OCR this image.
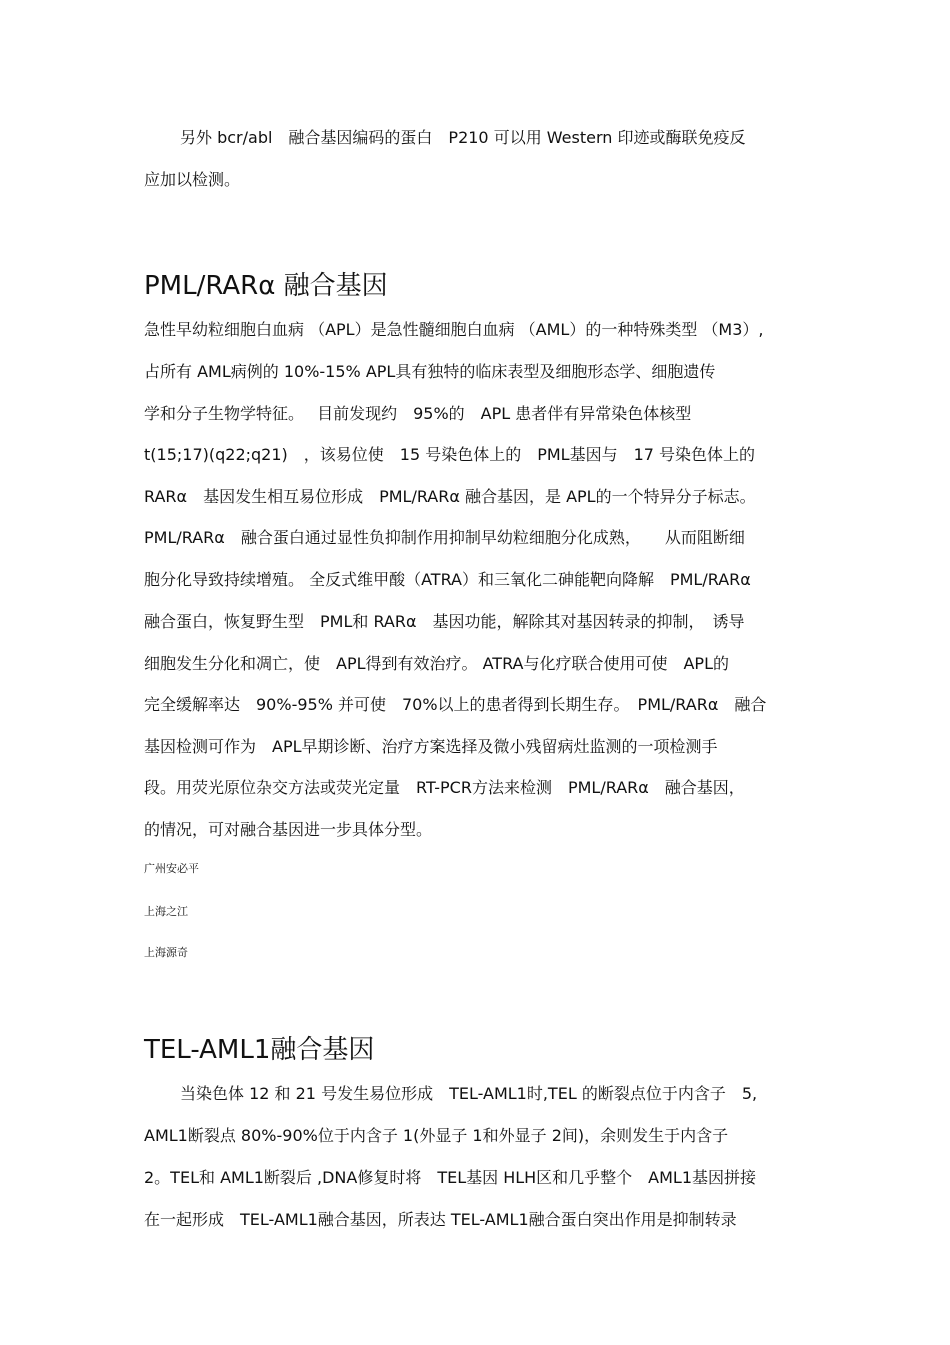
另外 bcr/abl　融合基因编码的蛋白　P210 可以用 Western 印迹或酶联免疫反
应加以检测。
PML/RARα 融合基因
急性早幼粒细胞白血病 （APL）是急性髓细胞白血病 （AML）的一种特殊类型 （M3）,
占所有 AML病例的 10%-15% APL具有独特的临床表型及细胞形态学、细胞遗传
学和分子生物学特征。　 目前发现约　95%的　APL 患者伴有异常染色体核型
t(15;17)(q22;q21)　，该易位使　15 号染色体上的　PML基因与　17 号染色体上的
RARα　基因发生相互易位形成　PML/RARα 融合基因，是 APL的一个特异分子标志。
PML/RARα　融合蛋白通过显性负抑制作用抑制早幼粒细胞分化成熟，　　从而阻断细
胞分化导致持续增殖。 全反式维甲酸（ATRA）和三氧化二砷能靶向降解　PML/RARα
融合蛋白，恢复野生型　PML和 RARα　基因功能，解除其对基因转录的抑制，　诱导
细胞发生分化和凋亡，使　APL得到有效治疗。 ATRA与化疗联合使用可使　APL的
完全缓解率达　90%-95% 并可使　70%以上的患者得到长期生存。　PML/RARα　融合
基因检测可作为　APL早期诊断、治疗方案选择及微小残留病灶监测的一项检测手
段。用荧光原位杂交方法或荧光定量　RT-PCR方法来检测　PML/RARα　融合基因，
的情况，可对融合基因进一步具体分型。
广州安必平
上海之江
上海源奇
TEL-AML1融合基因
当染色体 12 和 21 号发生易位形成　TEL-AML1时,TEL 的断裂点位于内含子　5,
AML1断裂点 80%-90%位于内含子 1(外显子 1和外显子 2间)，余则发生于内含子
2。TEL和 AML1断裂后 ,DNA修复时将　TEL基因 HLH区和几乎整个　AML1基因拼接
在一起形成　TEL-AML1融合基因，所表达 TEL-AML1融合蛋白突出作用是抑制转录
